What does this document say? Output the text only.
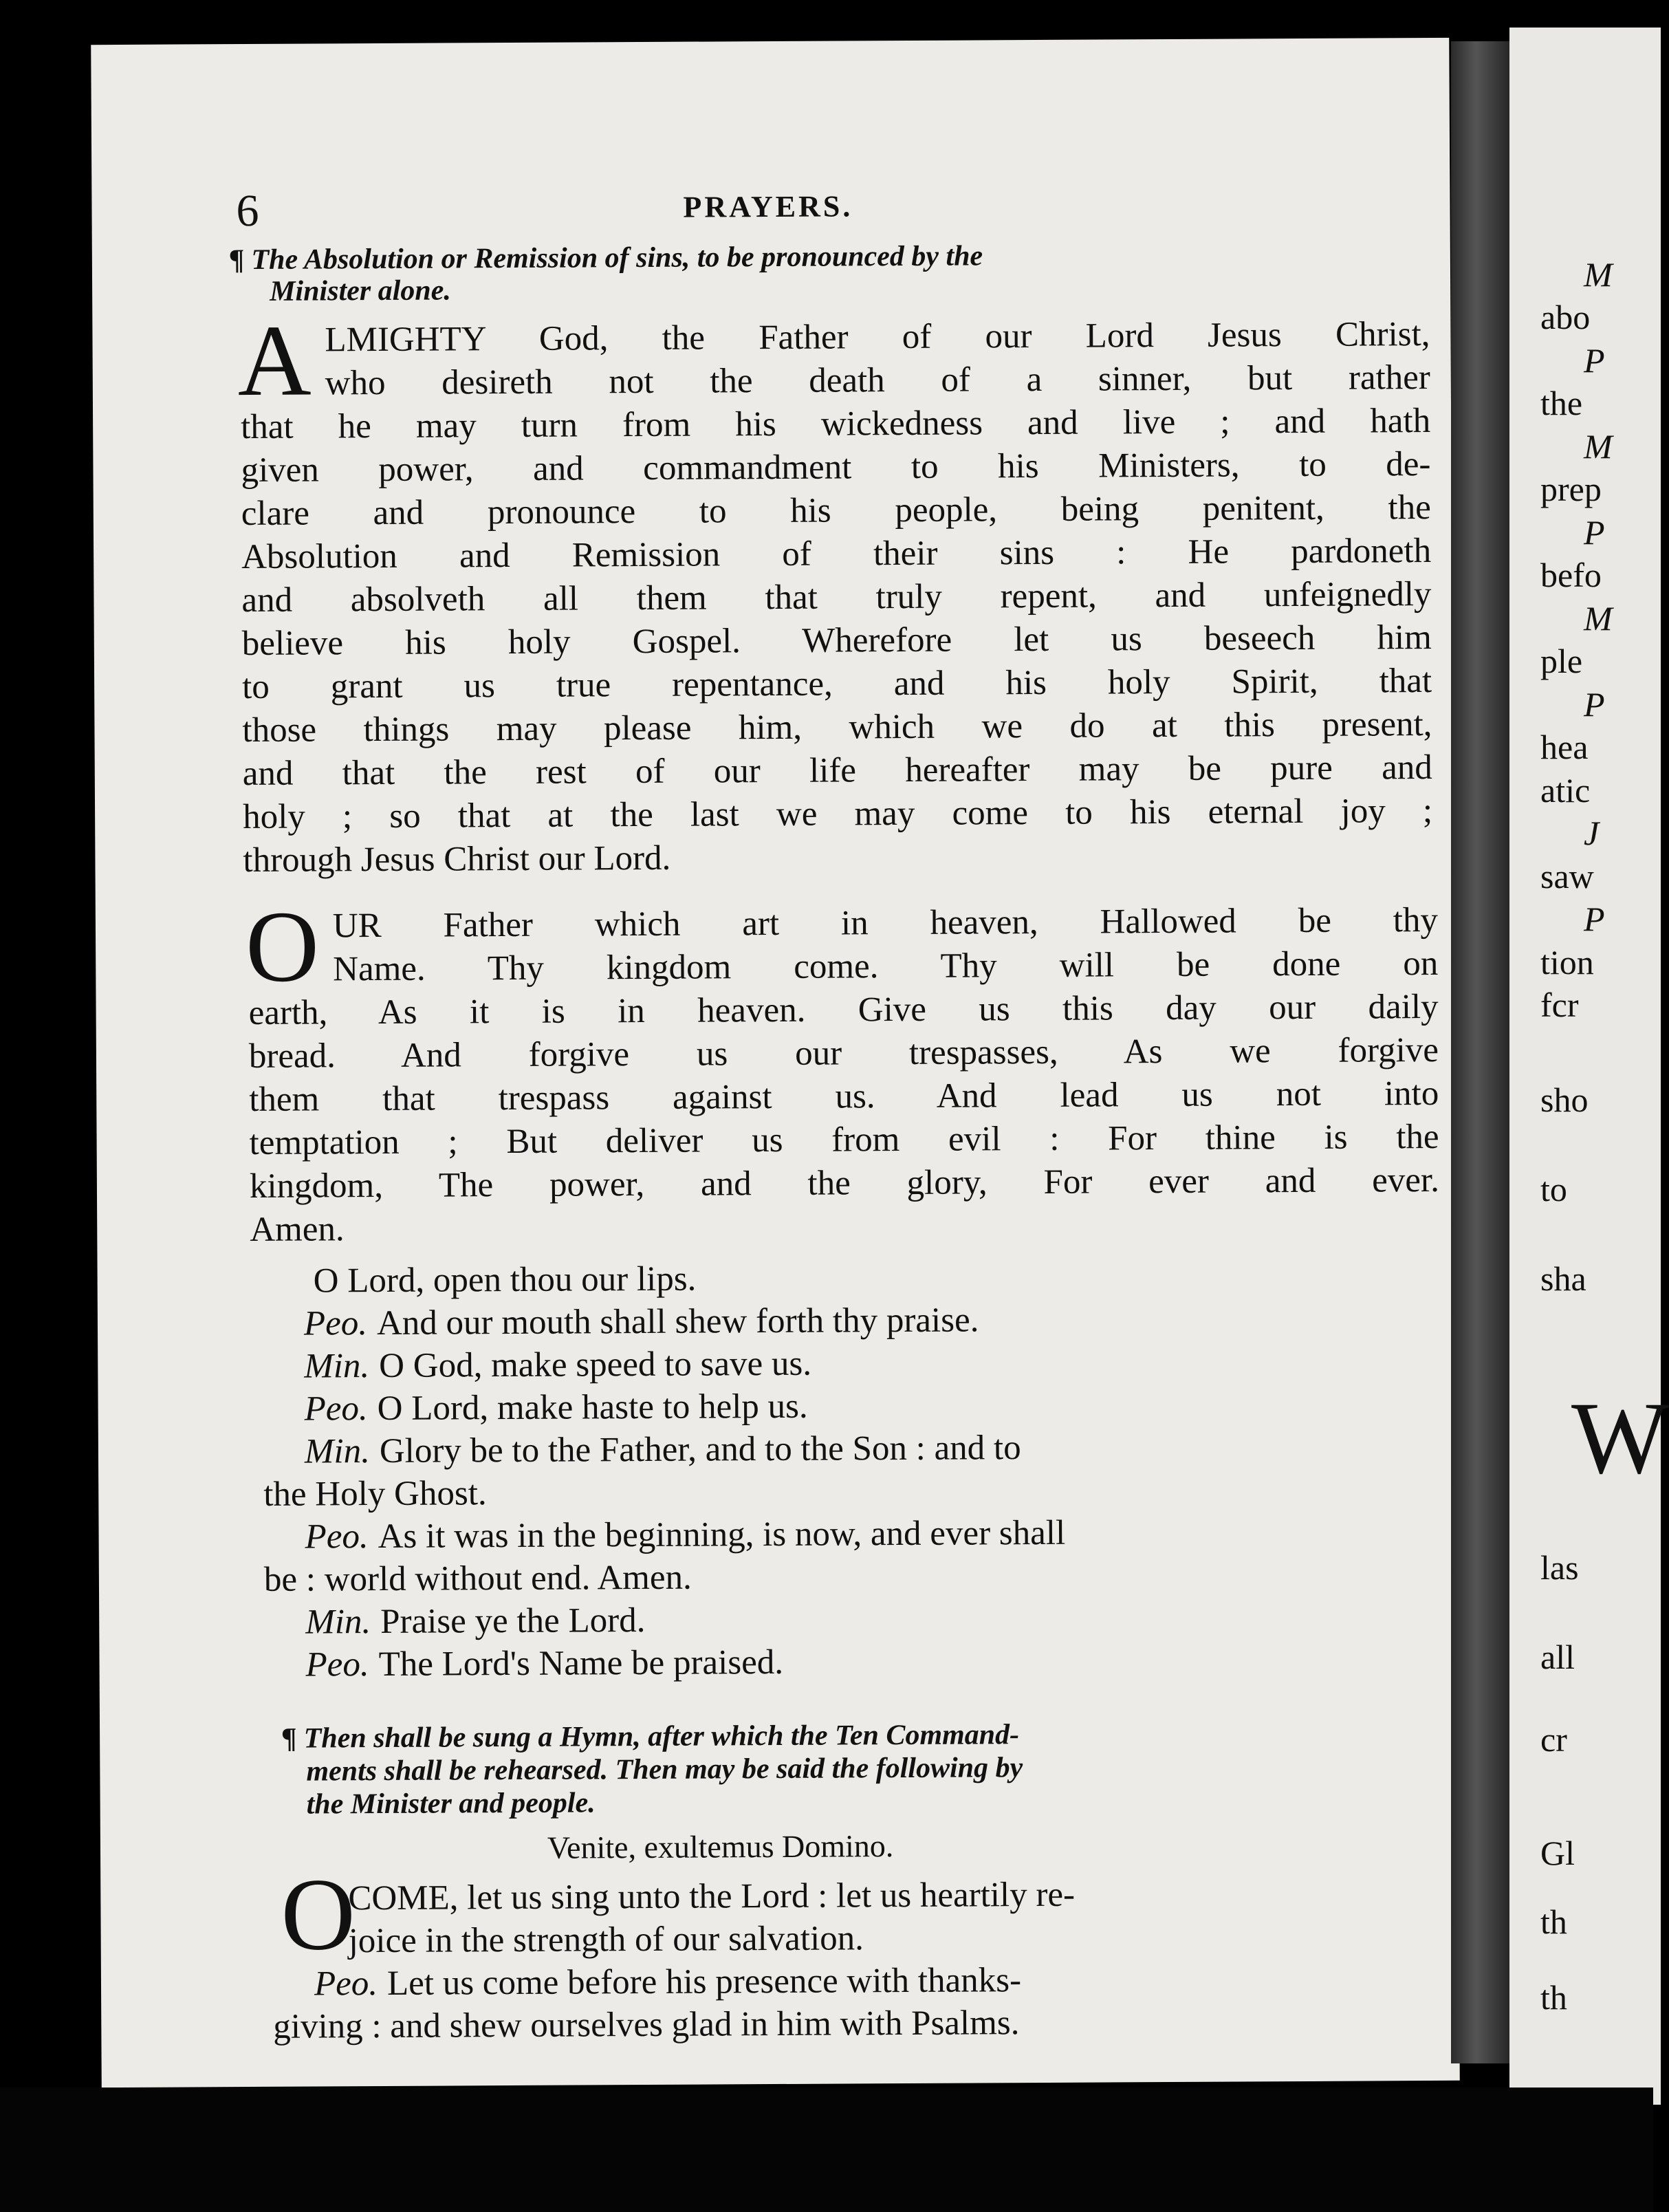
6	PRAYERS.
¶ The Absolution or Remission of sins, to be pronounced by the
Minister alone.
A LMIGHTY God, the Father of our Lord Jesus Christ,
who desireth not the death of a sinner, but rather
that he may turn from his wickedness and live ; and hath
given power, and commandment to his Ministers, to de-
clare and pronounce to his people, being penitent, the
Absolution and Remission of their sins : He pardoneth
and absolveth all them that truly repent, and unfeignedly
believe his holy Gospel. Wherefore let us beseech him
to grant us true repentance, and his holy Spirit, that
those things may please him, which we do at this present,
and that the rest of our life hereafter may be pure and
holy ; so that at the last we may come to his eternal joy ;
through Jesus Christ our Lord.
O UR Father which art in heaven, Hallowed be thy
Name. Thy kingdom come. Thy will be done on
earth, As it is in heaven. Give us this day our daily
bread. And forgive us our trespasses, As we forgive
them that trespass against us. And lead us not into
temptation ; But deliver us from evil : For thine is the
kingdom, The power, and the glory, For ever and ever.
Amen.
O Lord, open thou our lips.
Peo. And our mouth shall shew forth thy praise.
Min. O God, make speed to save us.
Peo. O Lord, make haste to help us.
Min. Glory be to the Father, and to the Son : and to
the Holy Ghost.
Peo. As it was in the beginning, is now, and ever shall
be : world without end. Amen.
Min. Praise ye the Lord.
Peo. The Lord's Name be praised.
¶ Then shall be sung a Hymn, after which the Ten Command-
ments shall be rehearsed. Then may be said the following by
the Minister and people.
Venite, exultemus Domino.
O
COME, let us sing unto the Lord : let us heartily re-
joice in the strength of our salvation.
Peo. Let us come before his presence with thanks-
giving : and shew ourselves glad in him with Psalms.
M
abo
P
the
M
prep
P
befo
M
ple
P
hea
atic
J
saw
P
tion
fcr
sho
to
sha
W
las
all
cr
Gl
th
th
